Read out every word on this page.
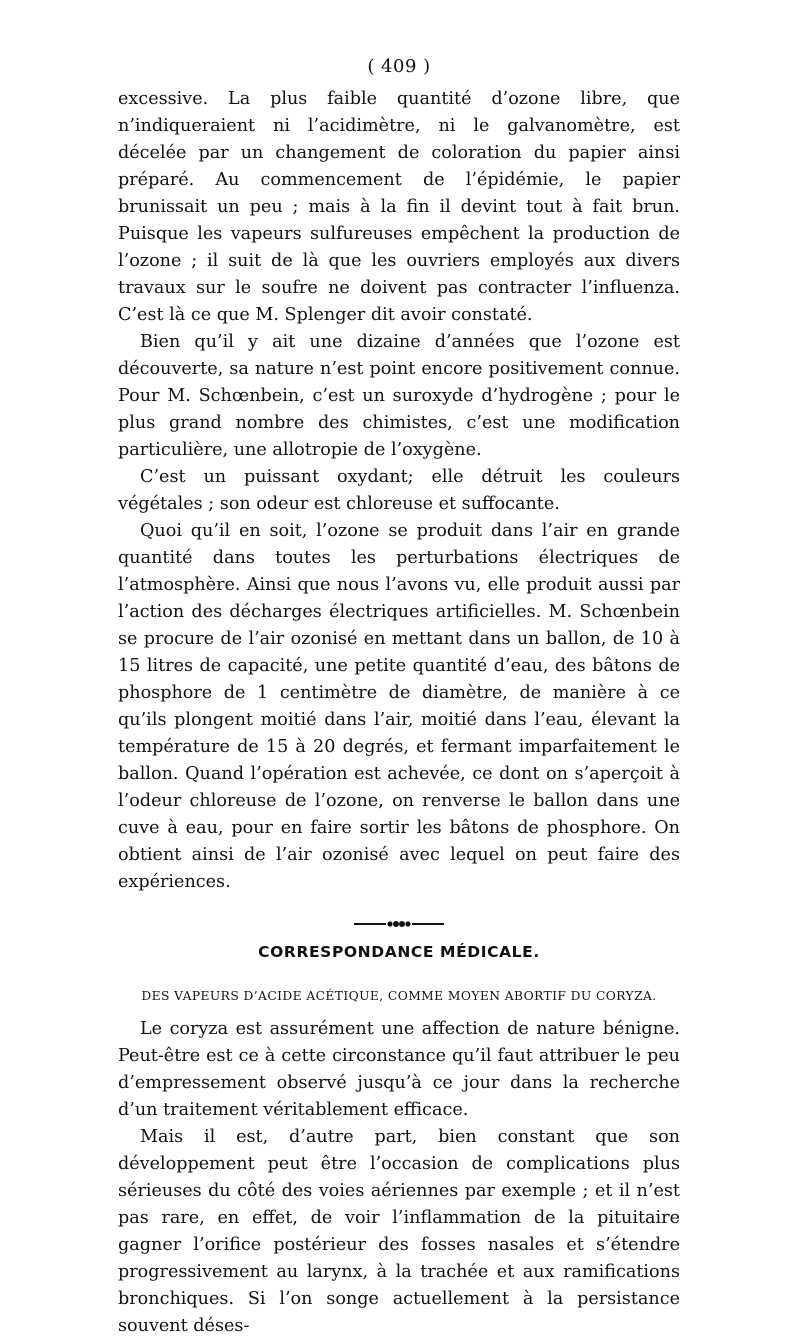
( 409 )

excessive. La plus faible quantité d’ozone libre, que n’indiqueraient ni l’acidimètre, ni le galvanomètre, est décelée par un changement de coloration du papier ainsi préparé. Au commencement de l’épidémie, le papier brunissait un peu ; mais à la fin il devint tout à fait brun. Puisque les vapeurs sulfureuses empêchent la production de l’ozone ; il suit de là que les ouvriers employés aux divers travaux sur le soufre ne doivent pas contracter l’influenza. C’est là ce que M. Splenger dit avoir constaté.

Bien qu’il y ait une dizaine d’années que l’ozone est découverte, sa nature n’est point encore positivement connue. Pour M. Schœnbein, c’est un suroxyde d’hydrogène ; pour le plus grand nombre des chimistes, c’est une modification particulière, une allotropie de l’oxygène.

C’est un puissant oxydant; elle détruit les couleurs végétales ; son odeur est chloreuse et suffocante.

Quoi qu’il en soit, l’ozone se produit dans l’air en grande quantité dans toutes les perturbations électriques de l’atmosphère. Ainsi que nous l’avons vu, elle produit aussi par l’action des décharges électriques artificielles. M. Schœnbein se procure de l’air ozonisé en mettant dans un ballon, de 10 à 15 litres de capacité, une petite quantité d’eau, des bâtons de phosphore de 1 centimètre de diamètre, de manière à ce qu’ils plongent moitié dans l’air, moitié dans l’eau, élevant la température de 15 à 20 degrés, et fermant imparfaitement le ballon. Quand l’opération est achevée, ce dont on s’aperçoit à l’odeur chloreuse de l’ozone, on renverse le ballon dans une cuve à eau, pour en faire sortir les bâtons de phosphore. On obtient ainsi de l’air ozonisé avec lequel on peut faire des expériences.

CORRESPONDANCE MÉDICALE.
DES VAPEURS D’ACIDE ACÉTIQUE, COMME MOYEN ABORTIF DU CORYZA.

Le coryza est assurément une affection de nature bénigne. Peut-être est ce à cette circonstance qu’il faut attribuer le peu d’empressement observé jusqu’à ce jour dans la recherche d’un traitement véritablement efficace.

Mais il est, d’autre part, bien constant que son développement peut être l’occasion de complications plus sérieuses du côté des voies aériennes par exemple ; et il n’est pas rare, en effet, de voir l’inflammation de la pituitaire gagner l’orifice postérieur des fosses nasales et s’étendre progressivement au larynx, à la trachée et aux ramifications bronchiques. Si l’on songe actuellement à la persistance souvent déses-
